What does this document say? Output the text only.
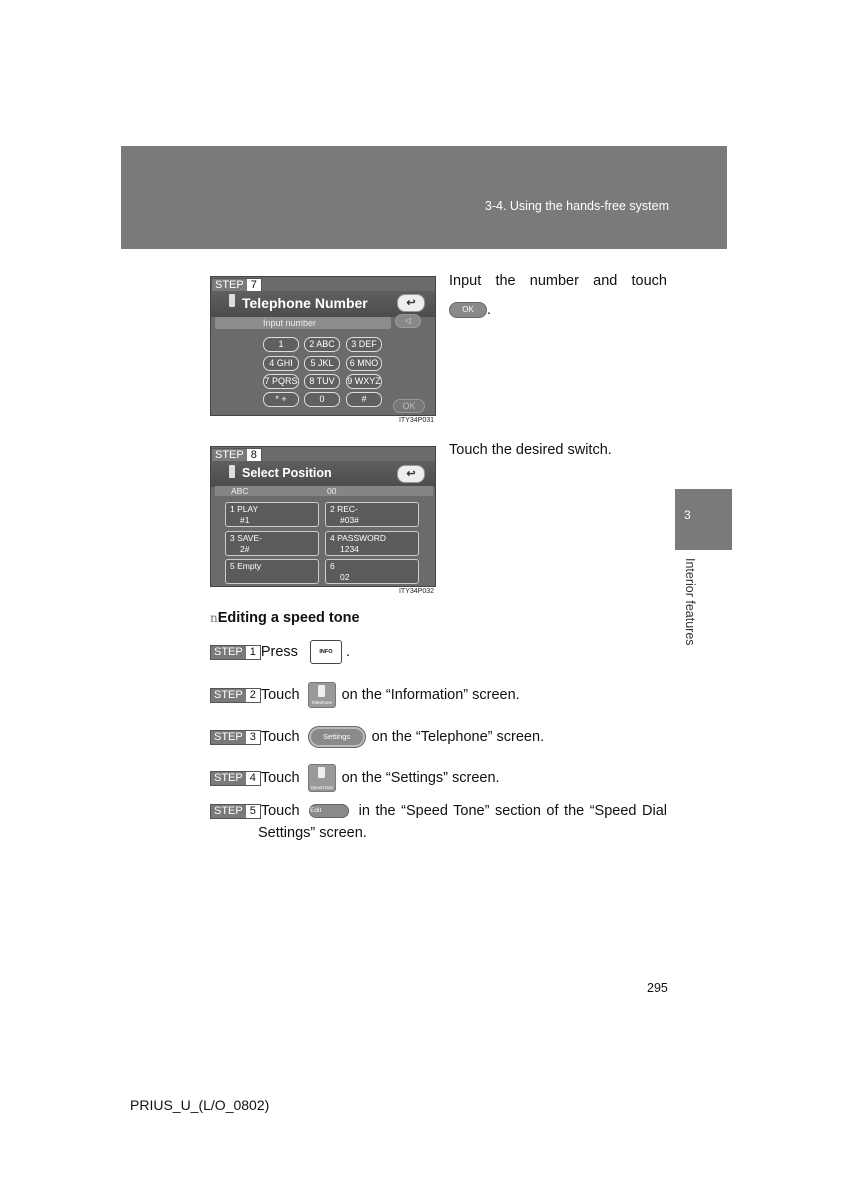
3-4. Using the hands-free system
3
Interior features
STEP 7
Telephone Number	↩
Input number	◁
1	2 ABC	3 DEF
4 GHI	5 JKL	6 MNO
7 PQRS	8 TUV	9 WXYZ
* +	0	#
OK
ITY34P031
Input the number and touch
OK .
STEP 8
Select Position	↩
ABC	00
1 PLAY
#1
2 REC-
#03#
3 SAVE-
2#
4 PASSWORD
1234
5 Empty	6
02
ITY34P032
Touch the desired switch.
nEditing a speed tone
STEP 1 Press	INFO .
STEP 2 Touch	Telephone on the “Information” screen.
STEP 3 Touch	Settings on the “Telephone” screen.
STEP 4 Touch
Speed Dial
on the “Settings” screen.
STEP 5 Touch Edit	in the “Speed Tone” section of the “Speed Dial
Settings” screen.
295
PRIUS_U_(L/O_0802)
